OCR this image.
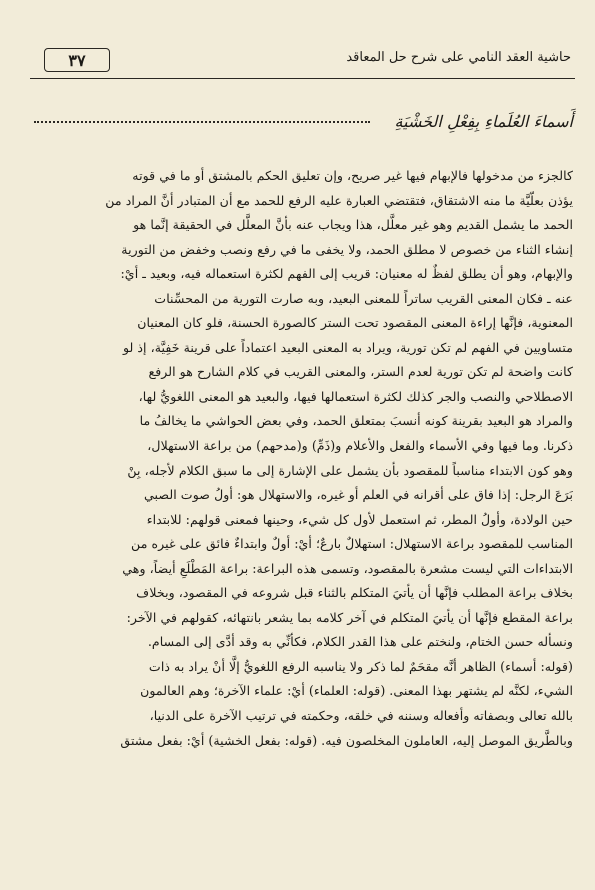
حاشية العقد النامي على شرح حل المعاقد
٣٧
أَسماءَ العُلَماءِ بِفِعْلِ الخَشْيَةِ
كالجزء من مدخولها فالإبهام فيها غير صريح، وإن تعليق الحكم بالمشتق أو ما في قوته
يؤذن بعلّيَّة ما منه الاشتقاق، فتقتضي العبارة عليه الرفع للحمد مع أن المتبادر أنَّ المراد من
الحمد ما يشمل القديم وهو غير معلَّل، هذا ويجاب عنه بأنَّ المعلَّل في الحقيقة إنَّما هو
إنشاء الثناء من خصوص لا مطلق الحمد، ولا يخفى ما في رفع ونصب وخفض من التورية
والإبهام، وهو أن يطلق لفظٌ له معنيان: قريب إلى الفهم لكثرة استعماله فيه، وبعيد ـ أيْ:
عنه ـ فكان المعنى القريب ساتراً للمعنى البعيد، وبه صارت التورية من المحسِّنات
المعنوية، فإنَّها إراءة المعنى المقصود تحت الستر كالصورة الحسنة، فلو كان المعنيان
متساويين في الفهم لم تكن تورية، ويراد به المعنى البعيد اعتماداً على قرينة خَفِيَّة، إذ لو
كانت واضحة لم تكن تورية لعدم الستر، والمعنى القريب في كلام الشارح هو الرفع
الاصطلاحي والنصب والجر كذلك لكثرة استعمالها فيها، والبعيد هو المعنى اللغويُّ لها،
والمراد هو البعيد بقرينة كونه أنسبَ بمتعلق الحمد، وفي بعض الحواشي ما يخالفُ ما
ذكرنا. وما فيها وفي الأسماء والفعل والأعلام و(ذَمِّ) و(مدحهم) من براعة الاستهلال،
وهو كون الابتداء مناسباً للمقصود بأن يشمل على الإشارة إلى ما سبق الكلام لأجله، بِنْ
بَرَعَ الرجل: إذا فاق على أقرانه في العلم أو غيره، والاستهلال هو: أولُ صوت الصبي
حين الولادة، وأولُ المطر، ثم استعمل لأول كل شيء، وحينها فمعنى قولهم: للابتداء
المناسب للمقصود براعة الاستهلال: استهلالٌ بارعٌ؛ أيْ: أولٌ وابتداءٌ فائق على غيره من
الابتداءات التي ليست مشعرة بالمقصود، وتسمى هذه البراعة: براعة المَطْلَعِ أيضاً، وهي
بخلاف براعة المطلب فإنَّها أن يأتيَ المتكلم بالثناء قبل شروعه في المقصود، وبخلاف
براعة المقطع فإنَّها أن يأتيَ المتكلم في آخر كلامه بما يشعر بانتهائه، كقولهم في الآخر:
ونسأله حسن الختام، ولنختم على هذا القدر الكلام، فكأنِّي به وقد أدَّى إلى المسام.
(قوله: أسماء) الظاهر أنَّه مقحَمٌ لما ذكر ولا يناسبه الرفع اللغويُّ إلَّا أنْ يراد به ذات
الشيء، لكنَّه لم يشتهر بهذا المعنى. (قوله: العلماء) أيْ: علماء الآخرة؛ وهم العالمون
بالله تعالى وبصفاته وأفعاله وسننه في خلقه، وحكمته في ترتيب الآخرة على الدنيا،
وبالطَّريق الموصل إليه، العاملون المخلصون فيه. (قوله: بفعل الخشية) أيْ: بفعل مشتق
